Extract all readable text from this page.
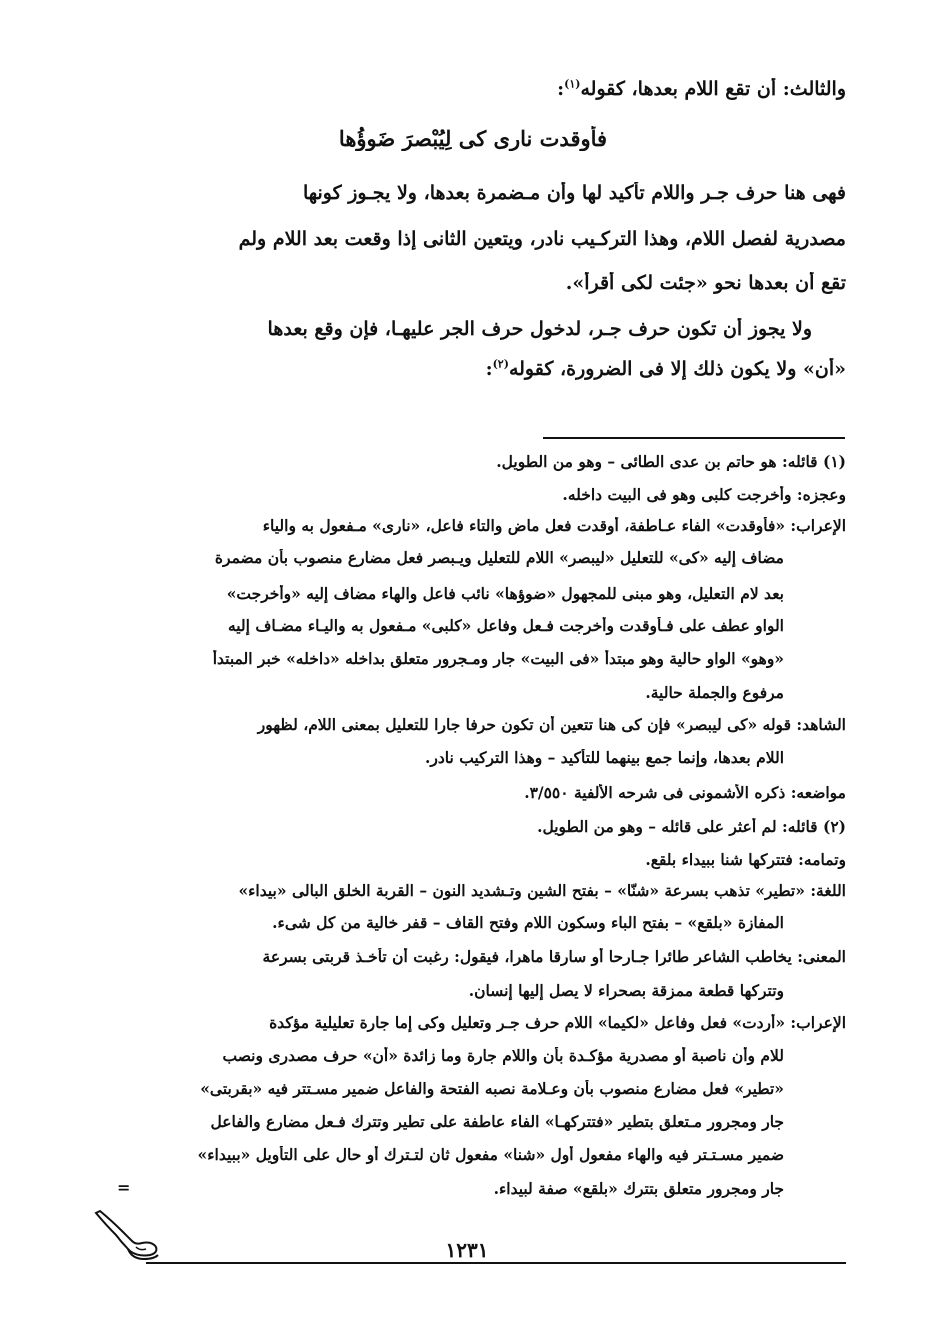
والثالث: أن تقع اللام بعدها، كقوله$^{(١)}$:
فأوقدت نارى كى لِيُبْصرَ ضَوؤُها
فهى هنا حرف جـر واللام تأكيد لها وأن مـضمرة بعدها، ولا يجـوز كونها
مصدرية لفصل اللام، وهذا التركـيب نادر، ويتعين الثانى إذا وقعت بعد اللام ولم
تقع أن بعدها نحو «جئت لكى أقرأ».
ولا يجوز أن تكون حرف جـر، لدخول حرف الجر عليهـا، فإن وقع بعدها
«أن» ولا يكون ذلك إلا فى الضرورة، كقوله$^{(٢)}$:
(١) قائله: هو حاتم بن عدى الطائى – وهو من الطويل.
وعجزه: وأخرجت كلبى وهو فى البيت داخله.
الإعراب: «فأوقدت» الفاء عـاطفة، أوقدت فعل ماض والتاء فاعل، «نارى» مـفعول به والياء
مضاف إليه «كى» للتعليل «ليبصر» اللام للتعليل ويـبصر فعل مضارع منصوب بأن مضمرة
بعد لام التعليل، وهو مبنى للمجهول «ضوؤها» نائب فاعل والهاء مضاف إليه «وأخرجت»
الواو عطف على فـأوقدت وأخرجت فـعل وفاعل «كلبى» مـفعول به واليـاء مضـاف إليه
«وهو» الواو حالية وهو مبتدأ «فى البيت» جار ومـجرور متعلق بداخله «داخله» خبر المبتدأ
مرفوع والجملة حالية.
الشاهد: قوله «كى ليبصر» فإن كى هنا تتعين أن تكون حرفا جارا للتعليل بمعنى اللام، لظهور
اللام بعدها، وإنما جمع بينهما للتأكيد – وهذا التركيب نادر.
مواضعه: ذكره الأشمونى فى شرحه الألفية ٣/٥٥٠.
(٢) قائله: لم أعثر على قائله – وهو من الطويل.
وتمامه: فتتركها شنا ببيداء بلقع.
اللغة: «تطير» تذهب بسرعة «شنّا» – بفتح الشين وتـشديد النون – القربة الخلق البالى «بيداء»
المفازة «بلقع» – بفتح الباء وسكون اللام وفتح القاف – قفر خالية من كل شىء.
المعنى: يخاطب الشاعر طائرا جـارحا أو سارقا ماهرا، فيقول: رغبت أن تأخـذ قربتى بسرعة
وتتركها قطعة ممزقة بصحراء لا يصل إليها إنسان.
الإعراب: «أردت» فعل وفاعل «لكيما» اللام حرف جـر وتعليل وكى إما جارة تعليلية مؤكدة
للام وأن ناصبة أو مصدرية مؤكـدة بأن واللام جارة وما زائدة «أن» حرف مصدرى ونصب
«تطير» فعل مضارع منصوب بأن وعـلامة نصبه الفتحة والفاعل ضمير مسـتتر فيه «بقربتى»
جار ومجرور مـتعلق بتطير «فتتركهـا» الفاء عاطفة على تطير وتترك فـعل مضارع والفاعل
ضمير مسـتـتر فيه والهاء مفعول أول «شنا» مفعول ثان لتـترك أو حال على التأويل «ببيداء»
جار ومجرور متعلق بتترك «بلقع» صفة لبيداء.
=
١٢٣١
